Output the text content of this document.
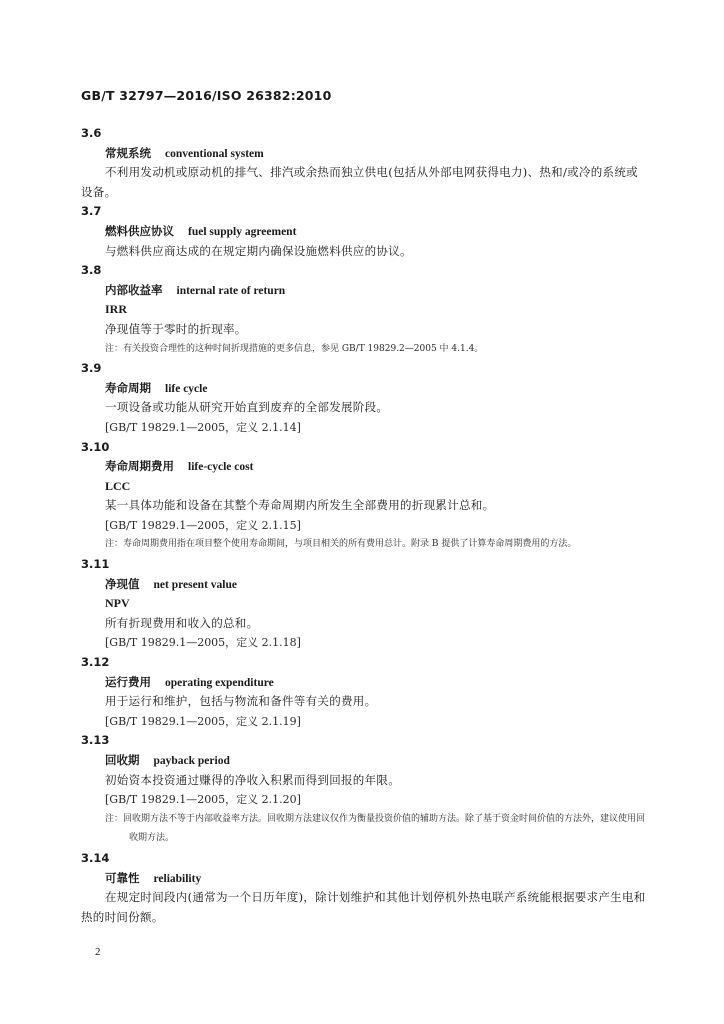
GB/T 32797—2016/ISO 26382:2010
3.6
常规系统 conventional system
不利用发动机或原动机的排气、排汽或余热而独立供电(包括从外部电网获得电力)、热和/或冷的系统或设备。
3.7
燃料供应协议 fuel supply agreement
与燃料供应商达成的在规定期内确保设施燃料供应的协议。
3.8
内部收益率 internal rate of return
IRR
净现值等于零时的折现率。
注：有关投资合理性的这种时间折现措施的更多信息，参见 GB/T 19829.2—2005 中 4.1.4。
3.9
寿命周期 life cycle
一项设备或功能从研究开始直到废弃的全部发展阶段。
[GB/T 19829.1—2005，定义 2.1.14]
3.10
寿命周期费用 life-cycle cost
LCC
某一具体功能和设备在其整个寿命周期内所发生全部费用的折现累计总和。
[GB/T 19829.1—2005，定义 2.1.15]
注：寿命周期费用指在项目整个使用寿命期间，与项目相关的所有费用总计。附录 B 提供了计算寿命周期费用的方法。
3.11
净现值 net present value
NPV
所有折现费用和收入的总和。
[GB/T 19829.1—2005，定义 2.1.18]
3.12
运行费用 operating expenditure
用于运行和维护，包括与物流和备件等有关的费用。
[GB/T 19829.1—2005，定义 2.1.19]
3.13
回收期 payback period
初始资本投资通过赚得的净收入积累而得到回报的年限。
[GB/T 19829.1—2005，定义 2.1.20]
注：回收期方法不等于内部收益率方法。回收期方法建议仅作为衡量投资价值的辅助方法。除了基于资金时间价值的方法外，建议使用回收期方法。
3.14
可靠性 reliability
在规定时间段内(通常为一个日历年度)，除计划维护和其他计划停机外热电联产系统能根据要求产生电和热的时间份额。
2
